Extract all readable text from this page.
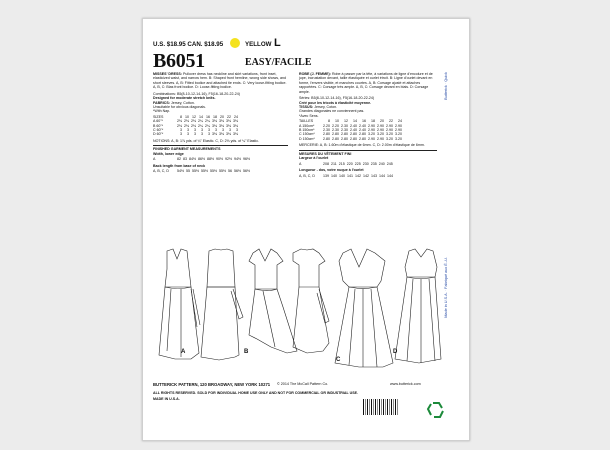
U.S. $18.95 CAN. $18.95	YELLOW L
B6051	EASY/FACILE

MISSES' DRESS: Pullover dress has neckline and skirt variations, front inset, elasticized waist, and narrow hem. B: Shaped front hemline, wrong side shows, and short sleeves. A, B: Fitted bodice and attached tie ends. C: Very loose-fitting bodice. A, B, C: Bias front bodice. D: Loose-fitting bodice.

Combinations: B5(8-10-12-14-16), F5(16-18-20-22-24)
Designed for moderate stretch knits.
FABRICS: Jersey, Cotton.
Unsuitable for obvious diagonals.
*With Nap.
SIZES	8	10	12	14	16	18	20	22	24
A 60"*	2⅛	2⅛	2⅛	2¼	2¼	3⅛	3⅛	3⅛	3⅛
B 60"*	2⅛	2⅛	2⅛	2¼	2¼	3⅛	3⅛	3⅛	3⅛
C 60"*	3	3	3	3	3	3	3	3	3
D 60"*	3	3	3	3	3	3⅛	3⅛	3⅛	3⅛

NOTIONS: A, B: 1⅞ yds. of ¼" Elastic. C, D: 2⅛ yds. of ¼" Elastic.

FINISHED GARMENT MEASUREMENTS
Width, lower edge
A	82	83	84½	86½	88½	90½	92½	94½	96½
Back length from base of neck
A, B, C, D	54½	55	55½	55½	55½	55½	56	56½	56½

ROBE (J. FEMME): Robe à passer par la tête, à variations de ligne d'encolure et de jupe, incrustation devant, taille élastiquée et ourlet étroit. B: Ligne d'ourlet devant en forme, l'envers visible, et manches courtes. A, B: Corsage ajusté et attaches rapportées. C: Corsage très ample. A, B, C: Corsage devant en biais. D: Corsage ample.

Séries: B5(8-10-12-14-16), F5(16-18-20-22-24)
Créé pour les tricots à élasticité moyenne.
TISSUS: Jersey, Coton.
Grandes diagonales ne conviennent pas.
*Avec Sens.
TAILLES	8	10	12	14	16	18	20	22	24
A 150cm*	2.20	2.20	2.30	2.40	2.40	2.90	2.90	2.90	2.90
B 150cm*	2.30	2.30	2.30	2.40	2.40	2.90	2.90	2.90	2.90
C 150cm*	2.80	2.80	2.80	2.80	2.80	3.20	3.20	3.20	3.20
D 150cm*	2.80	2.80	2.80	2.80	2.80	2.90	2.90	3.20	3.20

MERCERIE: A, B: 1.60m d'élastique de 6mm. C, D: 2.00m d'élastique de 6mm.

MESURES DU VÊTEMENT FINI
Largeur à l'ourlet
A	208	211	215	220	225	230	235	240	245
Longueur - dos, votre nuque à l'ourlet
A, B, C, D	139	140	140	141	142	142	143	144	144
Butterick · Quick
Made in U.S.A. · Fabriqué aux É.-U.
A	B
C
D
BUTTERICK PATTERN, 120 BROADWAY, NEW YORK 10271 © 2014 The McCall Pattern Co.	www.butterick.com
ALL RIGHTS RESERVED. SOLD FOR INDIVIDUAL HOME USE ONLY AND NOT FOR COMMERCIAL OR INDUSTRIAL USE.
MADE IN U.S.A.
